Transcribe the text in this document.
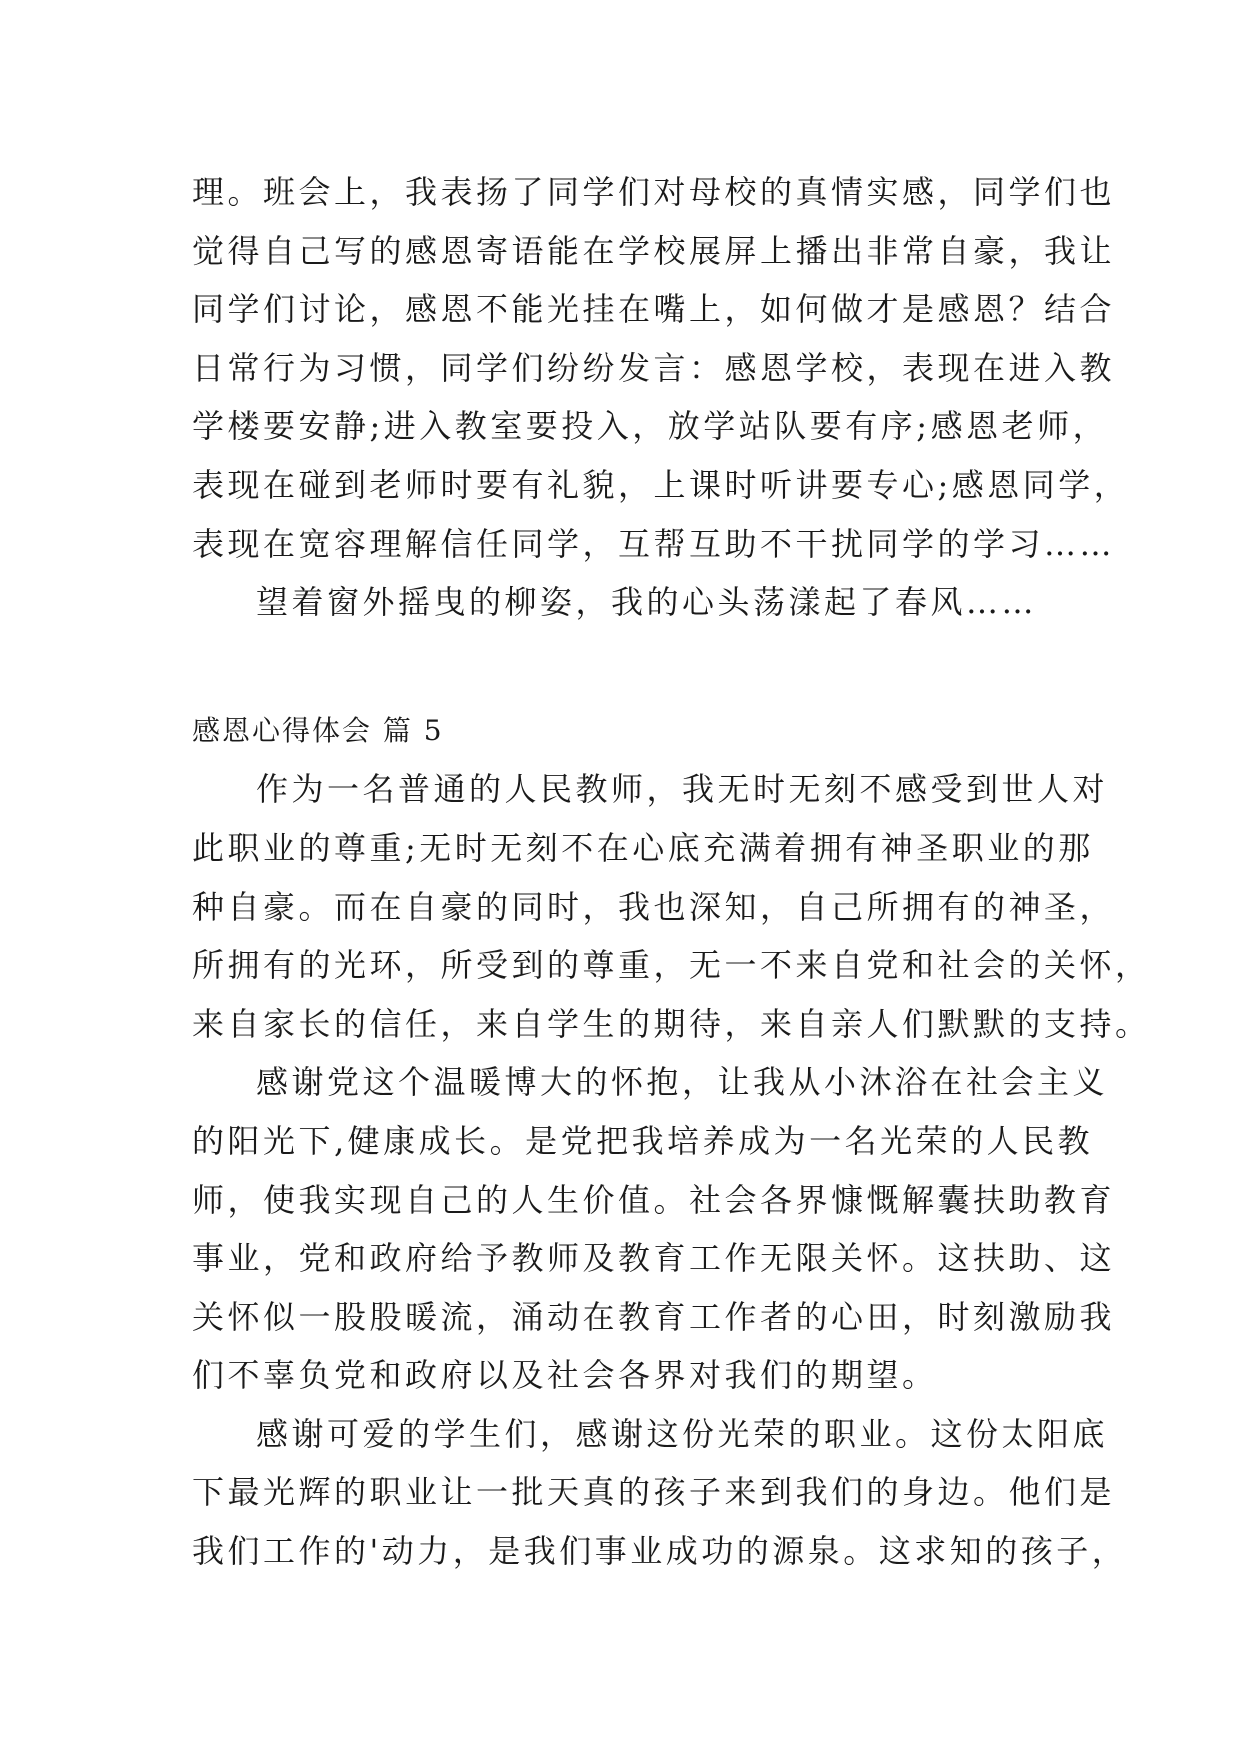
理。班会上，我表扬了同学们对母校的真情实感，同学们也
觉得自己写的感恩寄语能在学校展屏上播出非常自豪，我让
同学们讨论，感恩不能光挂在嘴上，如何做才是感恩？结合
日常行为习惯，同学们纷纷发言：感恩学校，表现在进入教
学楼要安静;进入教室要投入，放学站队要有序;感恩老师，
表现在碰到老师时要有礼貌，上课时听讲要专心;感恩同学，
表现在宽容理解信任同学，互帮互助不干扰同学的学习……
望着窗外摇曳的柳姿，我的心头荡漾起了春风……
感恩心得体会 篇 5
作为一名普通的人民教师，我无时无刻不感受到世人对
此职业的尊重;无时无刻不在心底充满着拥有神圣职业的那
种自豪。而在自豪的同时，我也深知，自己所拥有的神圣，
所拥有的光环，所受到的尊重，无一不来自党和社会的关怀，
来自家长的信任，来自学生的期待，来自亲人们默默的支持。
感谢党这个温暖博大的怀抱，让我从小沐浴在社会主义
的阳光下,健康成长。是党把我培养成为一名光荣的人民教
师，使我实现自己的人生价值。社会各界慷慨解囊扶助教育
事业，党和政府给予教师及教育工作无限关怀。这扶助、这
关怀似一股股暖流，涌动在教育工作者的心田，时刻激励我
们不辜负党和政府以及社会各界对我们的期望。
感谢可爱的学生们，感谢这份光荣的职业。这份太阳底
下最光辉的职业让一批天真的孩子来到我们的身边。他们是
我们工作的'动力，是我们事业成功的源泉。这求知的孩子，
